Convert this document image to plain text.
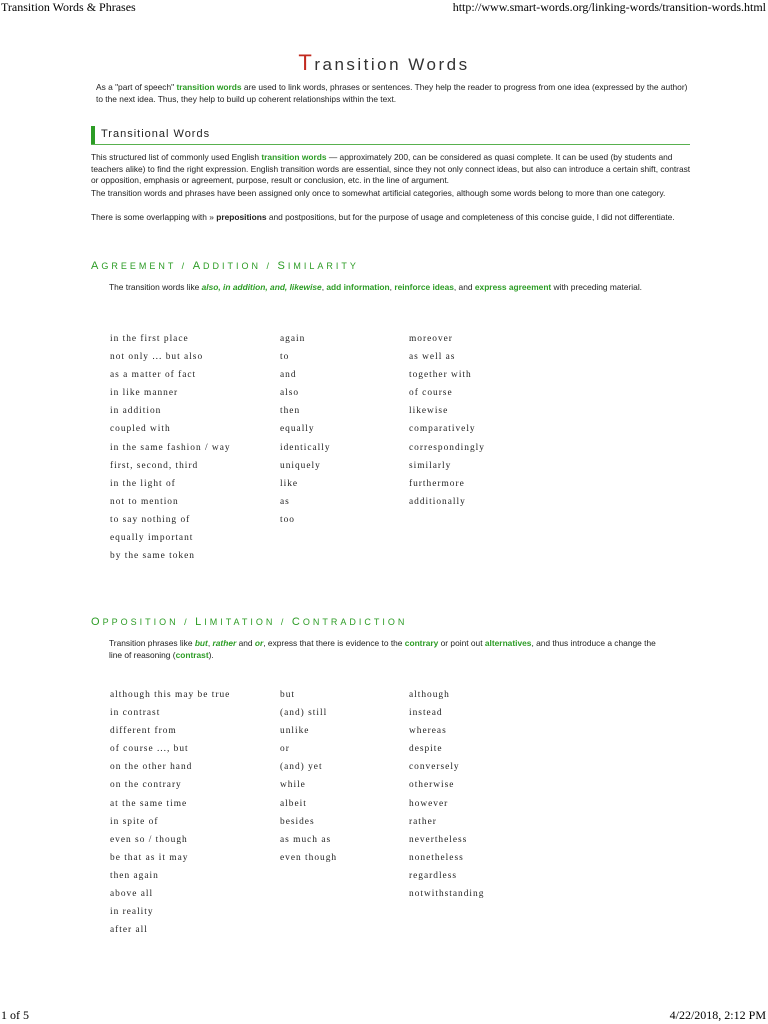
Transition Words & Phrases	http://www.smart-words.org/linking-words/transition-words.html
Transition Words
As a "part of speech" transition words are used to link words, phrases or sentences. They help the reader to progress from one idea (expressed by the author) to the next idea. Thus, they help to build up coherent relationships within the text.
Transitional Words
This structured list of commonly used English transition words — approximately 200, can be considered as quasi complete. It can be used (by students and teachers alike) to find the right expression. English transition words are essential, since they not only connect ideas, but also can introduce a certain shift, contrast or opposition, emphasis or agreement, purpose, result or conclusion, etc. in the line of argument.
The transition words and phrases have been assigned only once to somewhat artificial categories, although some words belong to more than one category.
There is some overlapping with » prepositions and postpositions, but for the purpose of usage and completeness of this concise guide, I did not differentiate.
AGREEMENT / ADDITION / SIMILARITY
The transition words like also, in addition, and, likewise, add information, reinforce ideas, and express agreement with preceding material.
in the first place
not only ... but also
as a matter of fact
in like manner
in addition
coupled with
in the same fashion / way
first, second, third
in the light of
not to mention
to say nothing of
equally important
by the same token
again
to
and
also
then
equally
identically
uniquely
like
as
too
moreover
as well as
together with
of course
likewise
comparatively
correspondingly
similarly
furthermore
additionally
OPPOSITION / LIMITATION / CONTRADICTION
Transition phrases like but, rather and or, express that there is evidence to the contrary or point out alternatives, and thus introduce a change the line of reasoning (contrast).
although this may be true
in contrast
different from
of course ..., but
on the other hand
on the contrary
at the same time
in spite of
even so / though
be that as it may
then again
above all
in reality
after all
but
(and) still
unlike
or
(and) yet
while
albeit
besides
as much as
even though
although
instead
whereas
despite
conversely
otherwise
however
rather
nevertheless
nonetheless
regardless
notwithstanding
1 of 5	4/22/2018, 2:12 PM
